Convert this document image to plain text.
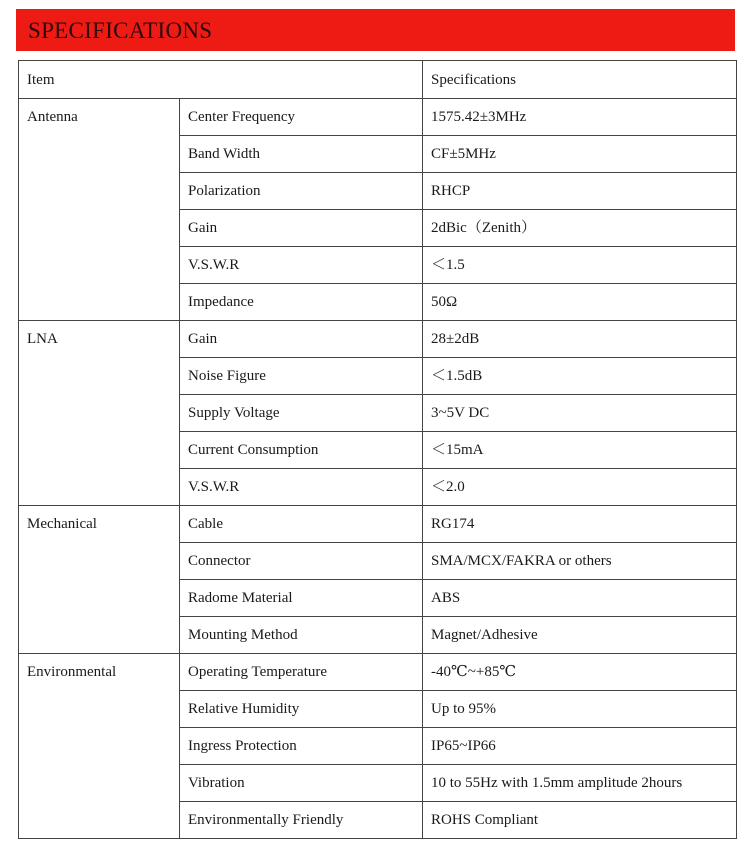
SPECIFICATIONS
Item		Specifications
Antenna	Center Frequency	1575.42±3MHz
	Band Width	CF±5MHz
	Polarization	RHCP
	Gain	2dBic（Zenith）
	V.S.W.R	＜1.5
	Impedance	50Ω
LNA	Gain	28±2dB
	Noise Figure	＜1.5dB
	Supply Voltage	3~5V DC
	Current Consumption	＜15mA
	V.S.W.R	＜2.0
Mechanical	Cable	RG174
	Connector	SMA/MCX/FAKRA or others
	Radome Material	ABS
	Mounting Method	Magnet/Adhesive
Environmental	Operating Temperature	-40℃~+85℃
	Relative Humidity	Up to 95%
	Ingress Protection	IP65~IP66
	Vibration	10 to 55Hz with 1.5mm amplitude 2hours
	Environmentally Friendly	ROHS Compliant
